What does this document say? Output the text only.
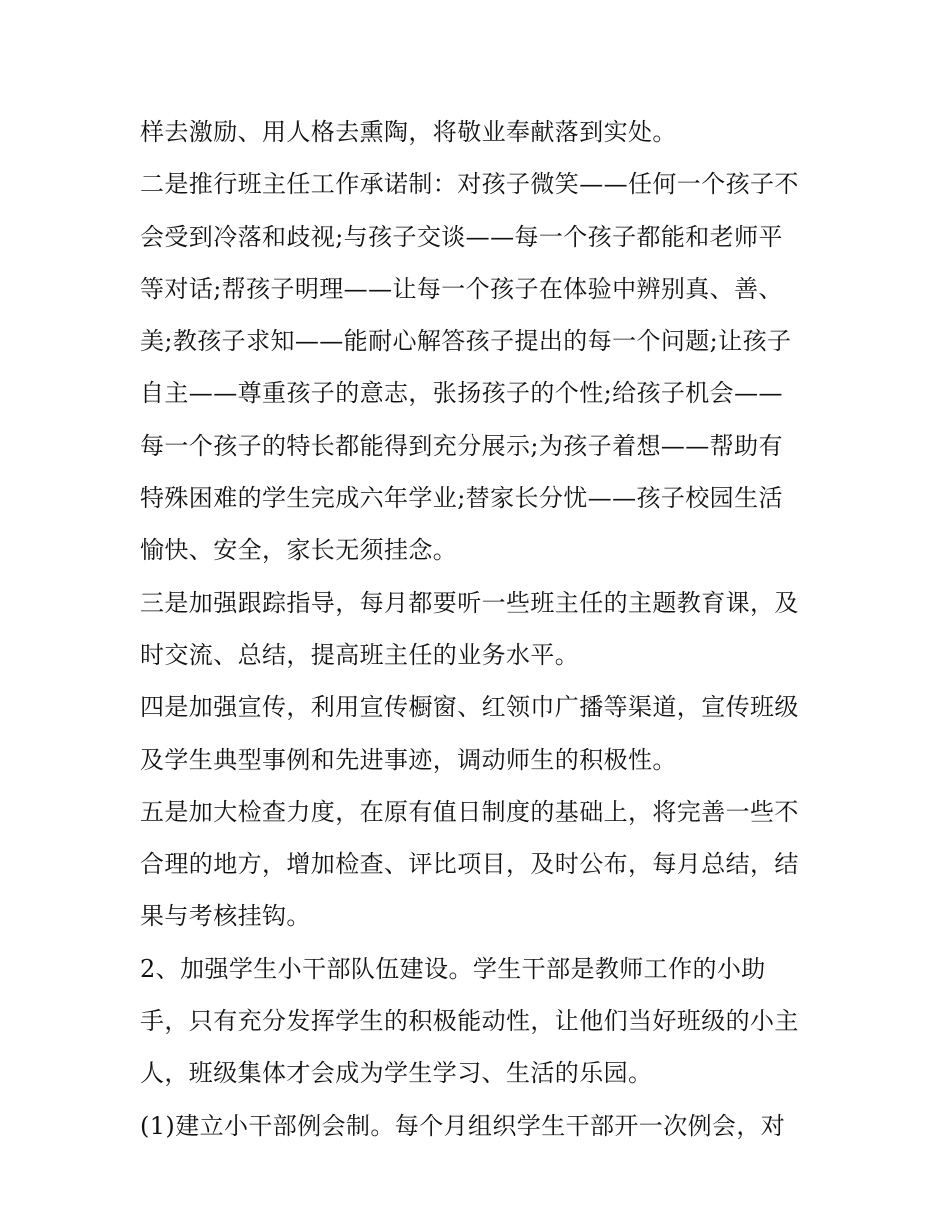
样去激励、用人格去熏陶，将敬业奉献落到实处。
二是推行班主任工作承诺制：对孩子微笑——任何一个孩子不
会受到冷落和歧视;与孩子交谈——每一个孩子都能和老师平
等对话;帮孩子明理——让每一个孩子在体验中辨别真、善、
美;教孩子求知——能耐心解答孩子提出的每一个问题;让孩子
自主——尊重孩子的意志，张扬孩子的个性;给孩子机会——
每一个孩子的特长都能得到充分展示;为孩子着想——帮助有
特殊困难的学生完成六年学业;替家长分忧——孩子校园生活
愉快、安全，家长无须挂念。
三是加强跟踪指导，每月都要听一些班主任的主题教育课，及
时交流、总结，提高班主任的业务水平。
四是加强宣传，利用宣传橱窗、红领巾广播等渠道，宣传班级
及学生典型事例和先进事迹，调动师生的积极性。
五是加大检查力度，在原有值日制度的基础上，将完善一些不
合理的地方，增加检查、评比项目，及时公布，每月总结，结
果与考核挂钩。
2、加强学生小干部队伍建设。学生干部是教师工作的小助
手，只有充分发挥学生的积极能动性，让他们当好班级的小主
人，班级集体才会成为学生学习、生活的乐园。
(1)建立小干部例会制。每个月组织学生干部开一次例会，对
